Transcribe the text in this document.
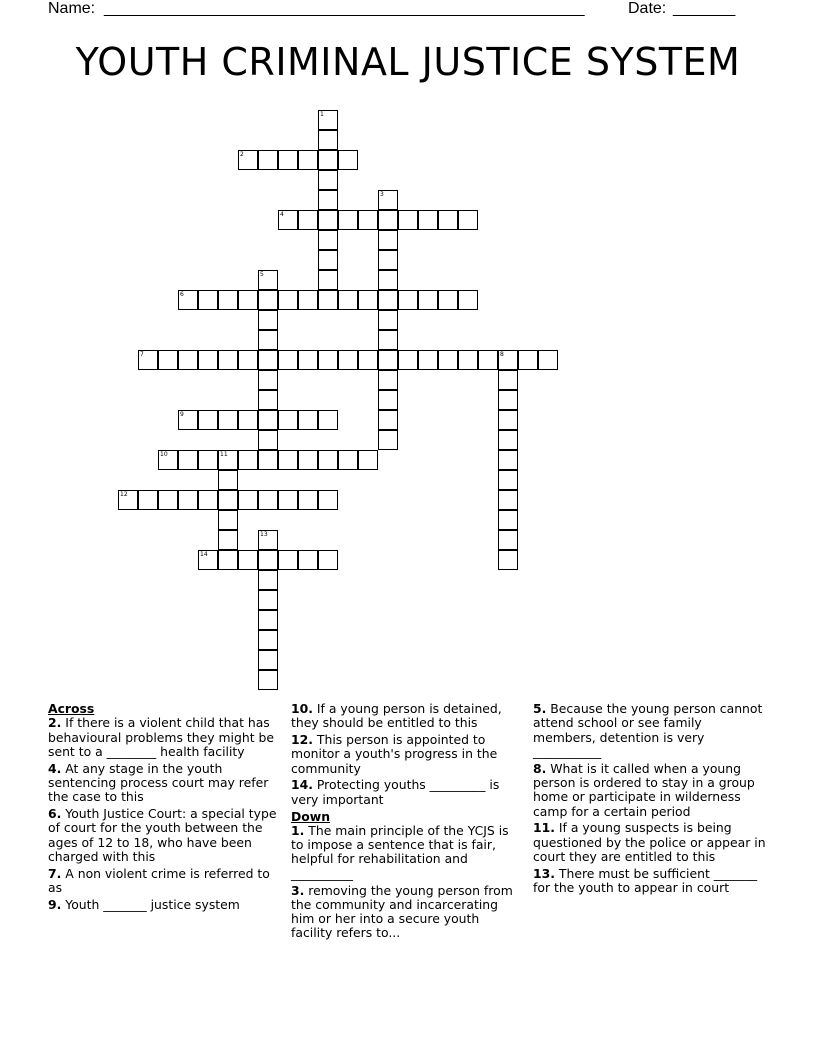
Name: ______________________________________________________	Date: _______
YOUTH CRIMINAL JUSTICE SYSTEM
1
2
3
4
5
6
7	8
9
10	11
12
13
14
Across

2. If there is a violent child that has behavioural problems they might be sent to a ________ health facility

4. At any stage in the youth sentencing process court may refer the case to this

6. Youth Justice Court: a special type of court for the youth between the ages of 12 to 18, who have been charged with this

7. A non violent crime is referred to as

9. Youth _______ justice system

10. If a young person is detained, they should be entitled to this

12. This person is appointed to monitor a youth's progress in the community

14. Protecting youths _________ is very important

Down

1. The main principle of the YCJS is to impose a sentence that is fair, helpful for rehabilitation and __________

3. removing the young person from the community and incarcerating him or her into a secure youth facility refers to...

5. Because the young person cannot attend school or see family members, detention is very ___________

8. What is it called when a young person is ordered to stay in a group home or participate in wilderness camp for a certain period

11. If a young suspects is being questioned by the police or appear in court they are entitled to this

13. There must be sufficient _______ for the youth to appear in court
